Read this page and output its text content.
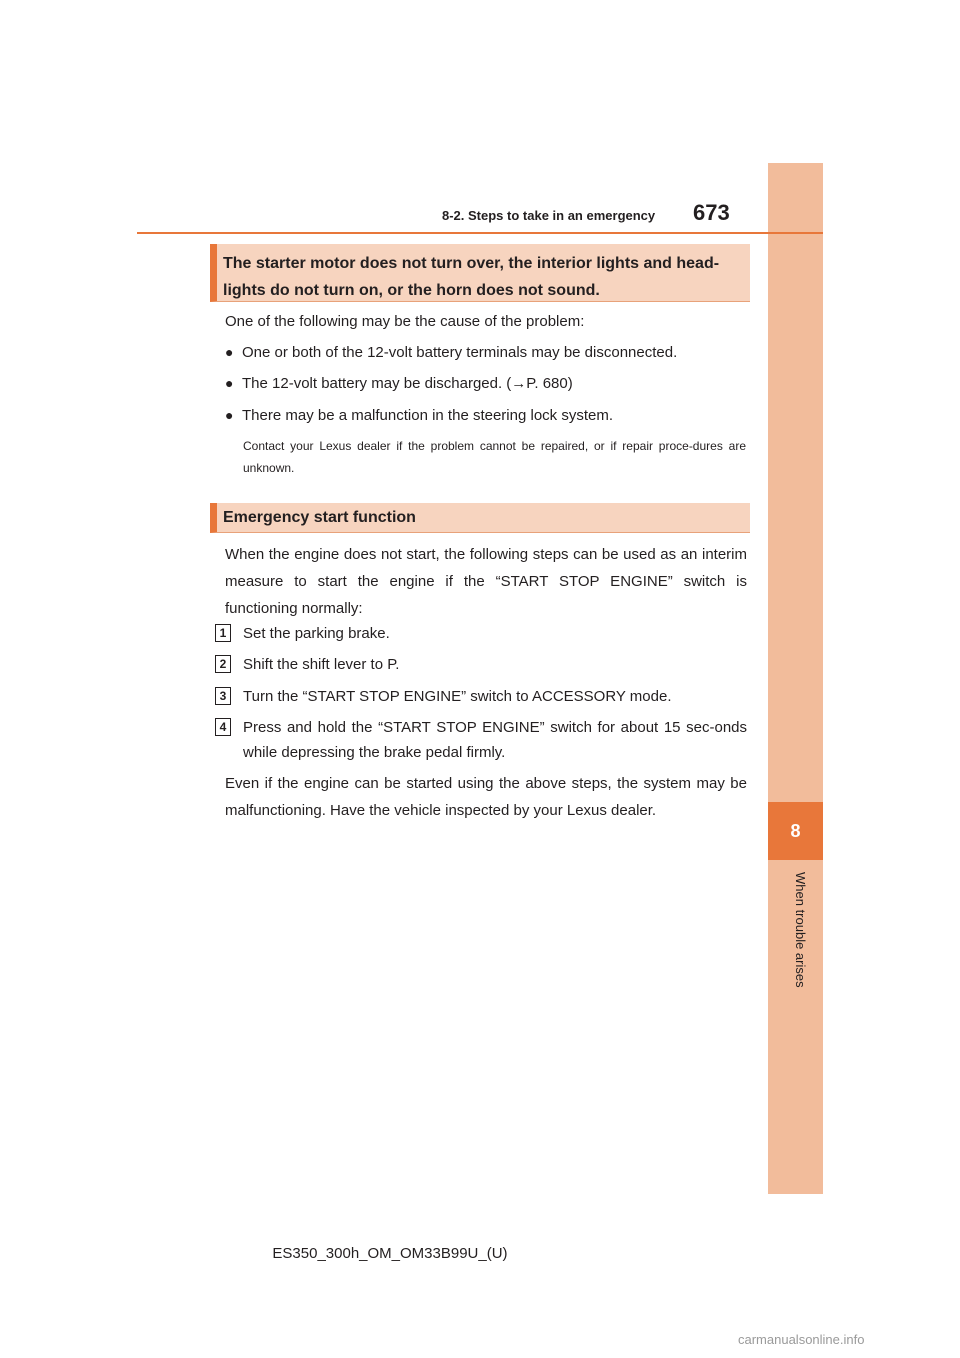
8
When trouble arises
8-2. Steps to take in an emergency 673
The starter motor does not turn over, the interior lights and head-lights do not turn on, or the horn does not sound.
One of the following may be the cause of the problem:
● One or both of the 12-volt battery terminals may be disconnected.
● The 12-volt battery may be discharged. (→P. 680)
● There may be a malfunction in the steering lock system.
Contact your Lexus dealer if the problem cannot be repaired, or if repair proce-dures are unknown.
Emergency start function
When the engine does not start, the following steps can be used as an interim measure to start the engine if the “START STOP ENGINE” switch is functioning normally:
1	Set the parking brake.
2	Shift the shift lever to P.
3	Turn the “START STOP ENGINE” switch to ACCESSORY mode.
4	Press and hold the “START STOP ENGINE” switch for about 15 sec-onds while depressing the brake pedal firmly.
Even if the engine can be started using the above steps, the system may be malfunctioning. Have the vehicle inspected by your Lexus dealer.
ES350_300h_OM_OM33B99U_(U)
carmanualsonline.info
